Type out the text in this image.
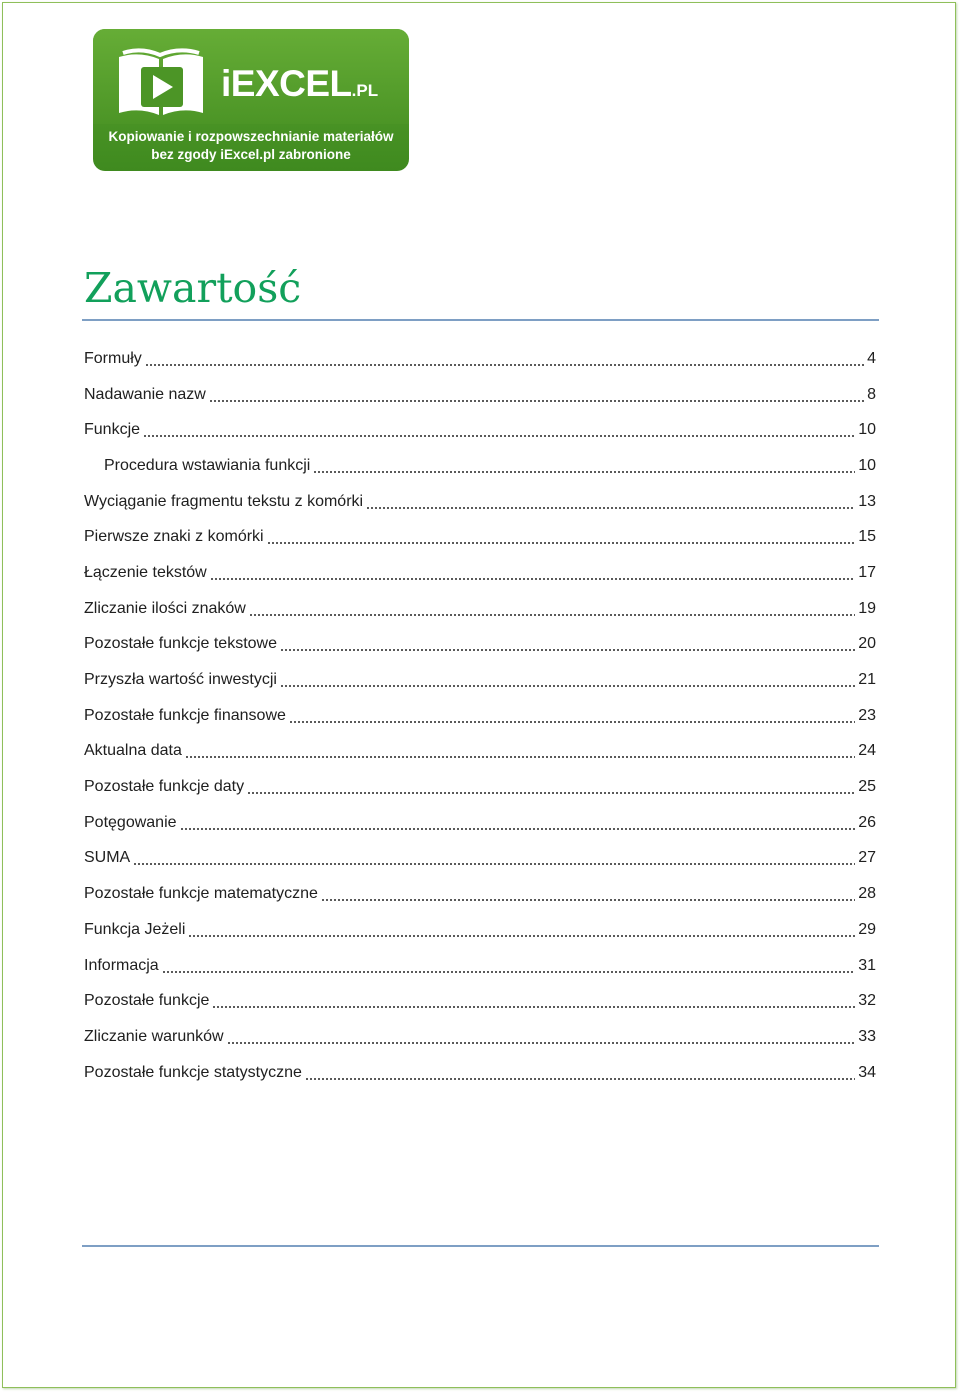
iEXCEL.PL
Kopiowanie i rozpowszechnianie materiałów
bez zgody iExcel.pl zabronione
Zawartość
Formuły	4
Nadawanie nazw	8
Funkcje	10
Procedura wstawiania funkcji	10
Wyciąganie fragmentu tekstu z komórki	13
Pierwsze znaki z komórki	15
Łączenie tekstów	17
Zliczanie ilości znaków	19
Pozostałe funkcje tekstowe	20
Przyszła wartość inwestycji	21
Pozostałe funkcje finansowe	23
Aktualna data	24
Pozostałe funkcje daty	25
Potęgowanie	26
SUMA	27
Pozostałe funkcje matematyczne	28
Funkcja Jeżeli	29
Informacja	31
Pozostałe funkcje	32
Zliczanie warunków	33
Pozostałe funkcje statystyczne	34
